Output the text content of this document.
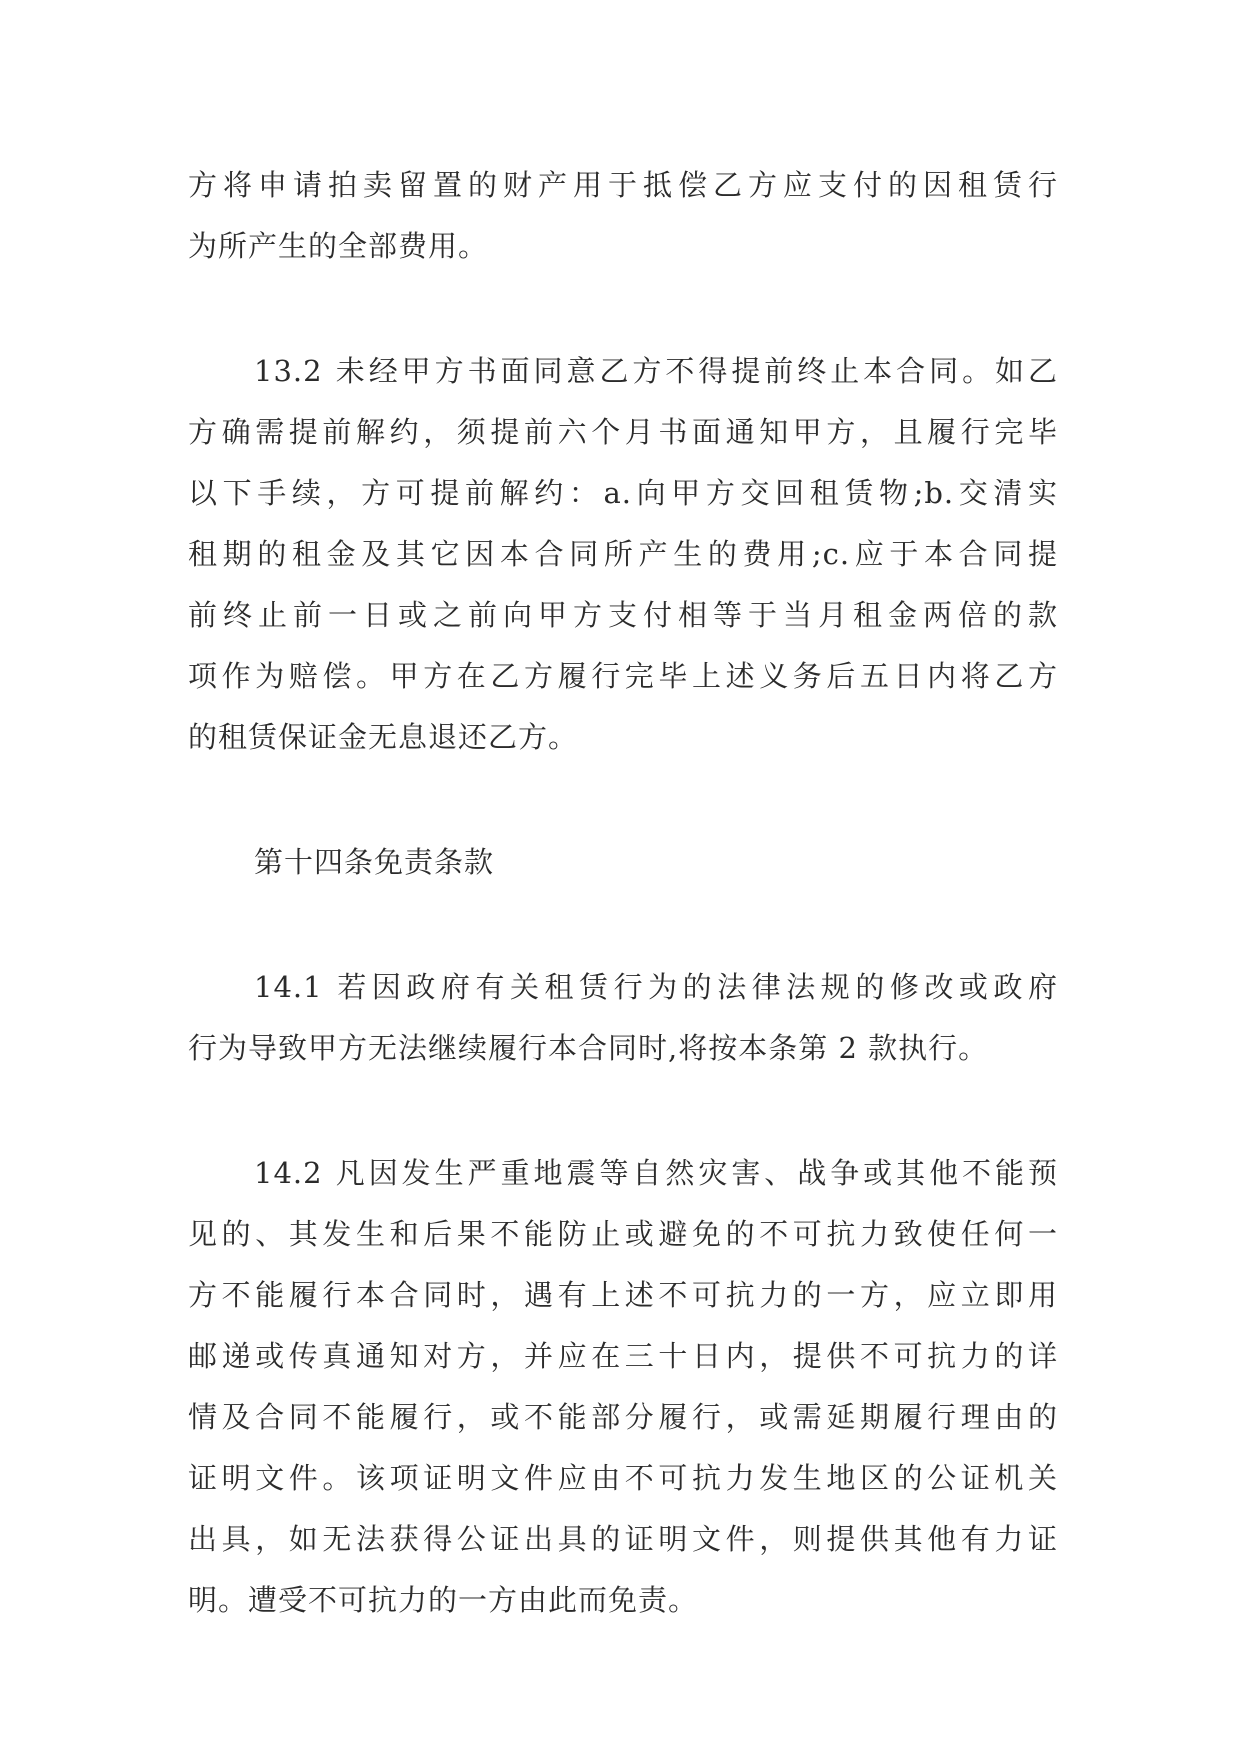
方将申请拍卖留置的财产用于抵偿乙方应支付的因租赁行
为所产生的全部费用。
13.2 未经甲方书面同意乙方不得提前终止本合同。如乙
方确需提前解约，须提前六个月书面通知甲方，且履行完毕
以下手续，方可提前解约：a.向甲方交回租赁物;b.交清实
租期的租金及其它因本合同所产生的费用;c.应于本合同提
前终止前一日或之前向甲方支付相等于当月租金两倍的款
项作为赔偿。甲方在乙方履行完毕上述义务后五日内将乙方
的租赁保证金无息退还乙方。
第十四条免责条款
14.1 若因政府有关租赁行为的法律法规的修改或政府
行为导致甲方无法继续履行本合同时,将按本条第 2 款执行。
14.2 凡因发生严重地震等自然灾害、战争或其他不能预
见的、其发生和后果不能防止或避免的不可抗力致使任何一
方不能履行本合同时，遇有上述不可抗力的一方，应立即用
邮递或传真通知对方，并应在三十日内，提供不可抗力的详
情及合同不能履行，或不能部分履行，或需延期履行理由的
证明文件。该项证明文件应由不可抗力发生地区的公证机关
出具，如无法获得公证出具的证明文件，则提供其他有力证
明。遭受不可抗力的一方由此而免责。
